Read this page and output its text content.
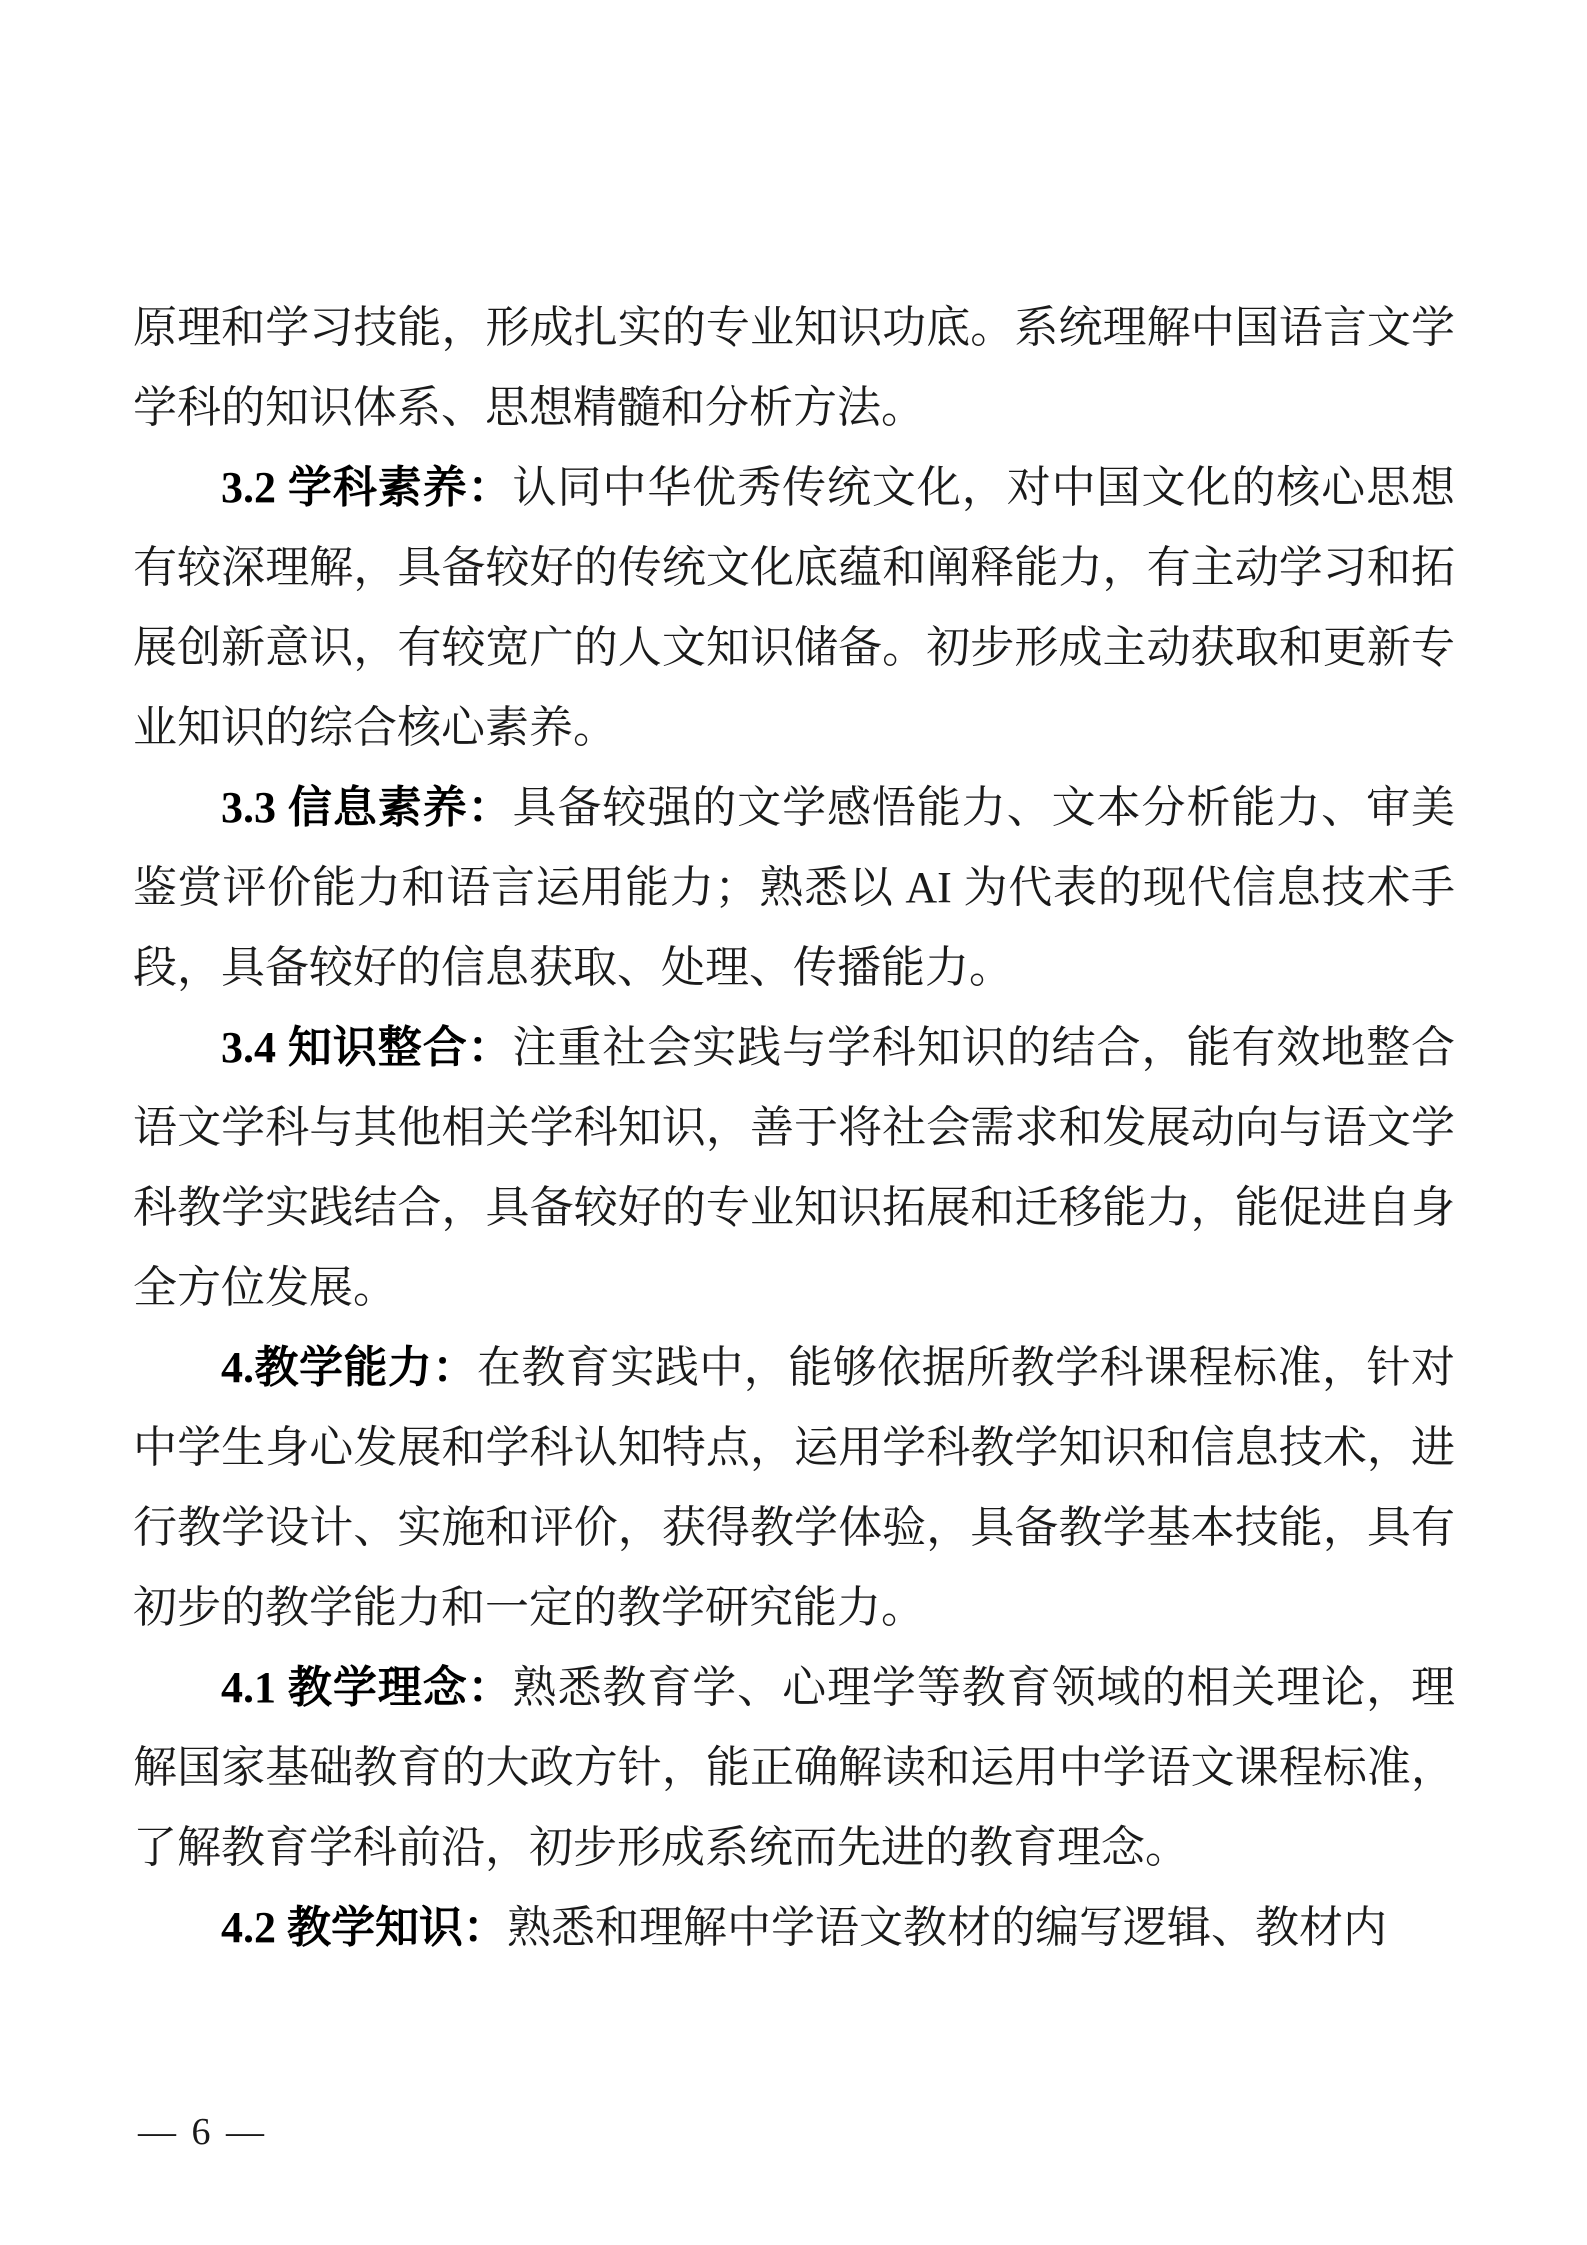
原理和学习技能，形成扎实的专业知识功底。系统理解中国语言文学学科的知识体系、思想精髓和分析方法。

3.2 学科素养：认同中华优秀传统文化，对中国文化的核心思想有较深理解，具备较好的传统文化底蕴和阐释能力，有主动学习和拓展创新意识，有较宽广的人文知识储备。初步形成主动获取和更新专业知识的综合核心素养。

3.3 信息素养：具备较强的文学感悟能力、文本分析能力、审美鉴赏评价能力和语言运用能力；熟悉以 AI 为代表的现代信息技术手段，具备较好的信息获取、处理、传播能力。

3.4 知识整合：注重社会实践与学科知识的结合，能有效地整合语文学科与其他相关学科知识，善于将社会需求和发展动向与语文学科教学实践结合，具备较好的专业知识拓展和迁移能力，能促进自身全方位发展。

4.教学能力：在教育实践中，能够依据所教学科课程标准，针对中学生身心发展和学科认知特点，运用学科教学知识和信息技术，进行教学设计、实施和评价，获得教学体验，具备教学基本技能，具有初步的教学能力和一定的教学研究能力。

4.1 教学理念：熟悉教育学、心理学等教育领域的相关理论，理解国家基础教育的大政方针，能正确解读和运用中学语文课程标准，了解教育学科前沿，初步形成系统而先进的教育理念。

4.2 教学知识：熟悉和理解中学语文教材的编写逻辑、教材内

— 6 —
